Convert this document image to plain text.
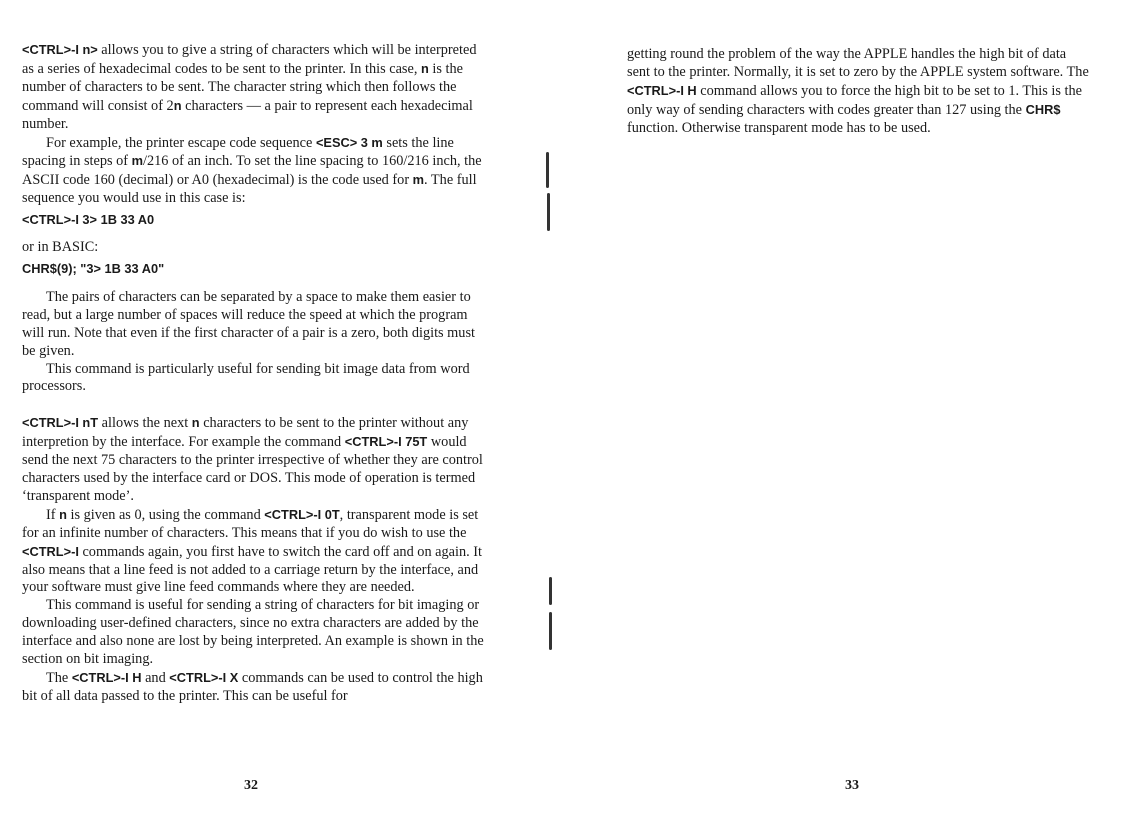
<CTRL>-I n> allows you to give a string of characters which will be interpreted as a series of hexadecimal codes to be sent to the printer. In this case, n is the number of characters to be sent. The character string which then follows the command will consist of 2n characters — a pair to represent each hexadecimal number.

For example, the printer escape code sequence <ESC> 3 m sets the line spacing in steps of m/216 of an inch. To set the line spacing to 160/216 inch, the ASCII code 160 (decimal) or A0 (hexadecimal) is the code used for m. The full sequence you would use in this case is:

<CTRL>-I 3> 1B 33 A0

or in BASIC:

CHR$(9); "3> 1B 33 A0"

The pairs of characters can be separated by a space to make them easier to read, but a large number of spaces will reduce the speed at which the program will run. Note that even if the first character of a pair is a zero, both digits must be given.

This command is particularly useful for sending bit image data from word processors.

<CTRL>-I nT allows the next n characters to be sent to the printer without any interpretion by the interface. For example the command <CTRL>-I 75T would send the next 75 characters to the printer irrespective of whether they are control characters used by the interface card or DOS. This mode of operation is termed ‘transparent mode’.

If n is given as 0, using the command <CTRL>-I 0T, transparent mode is set for an infinite number of characters. This means that if you do wish to use the <CTRL>-I commands again, you first have to switch the card off and on again. It also means that a line feed is not added to a carriage return by the interface, and your software must give line feed commands where they are needed.

This command is useful for sending a string of characters for bit imaging or downloading user-defined characters, since no extra characters are added by the interface and also none are lost by being interpreted. An example is shown in the section on bit imaging.

The <CTRL>-I H and <CTRL>-I X commands can be used to control the high bit of all data passed to the printer. This can be useful for

32

getting round the problem of the way the APPLE handles the high bit of data sent to the printer. Normally, it is set to zero by the APPLE system software. The <CTRL>-I H command allows you to force the high bit to be set to 1. This is the only way of sending characters with codes greater than 127 using the CHR$ function. Otherwise transparent mode has to be used.

33
